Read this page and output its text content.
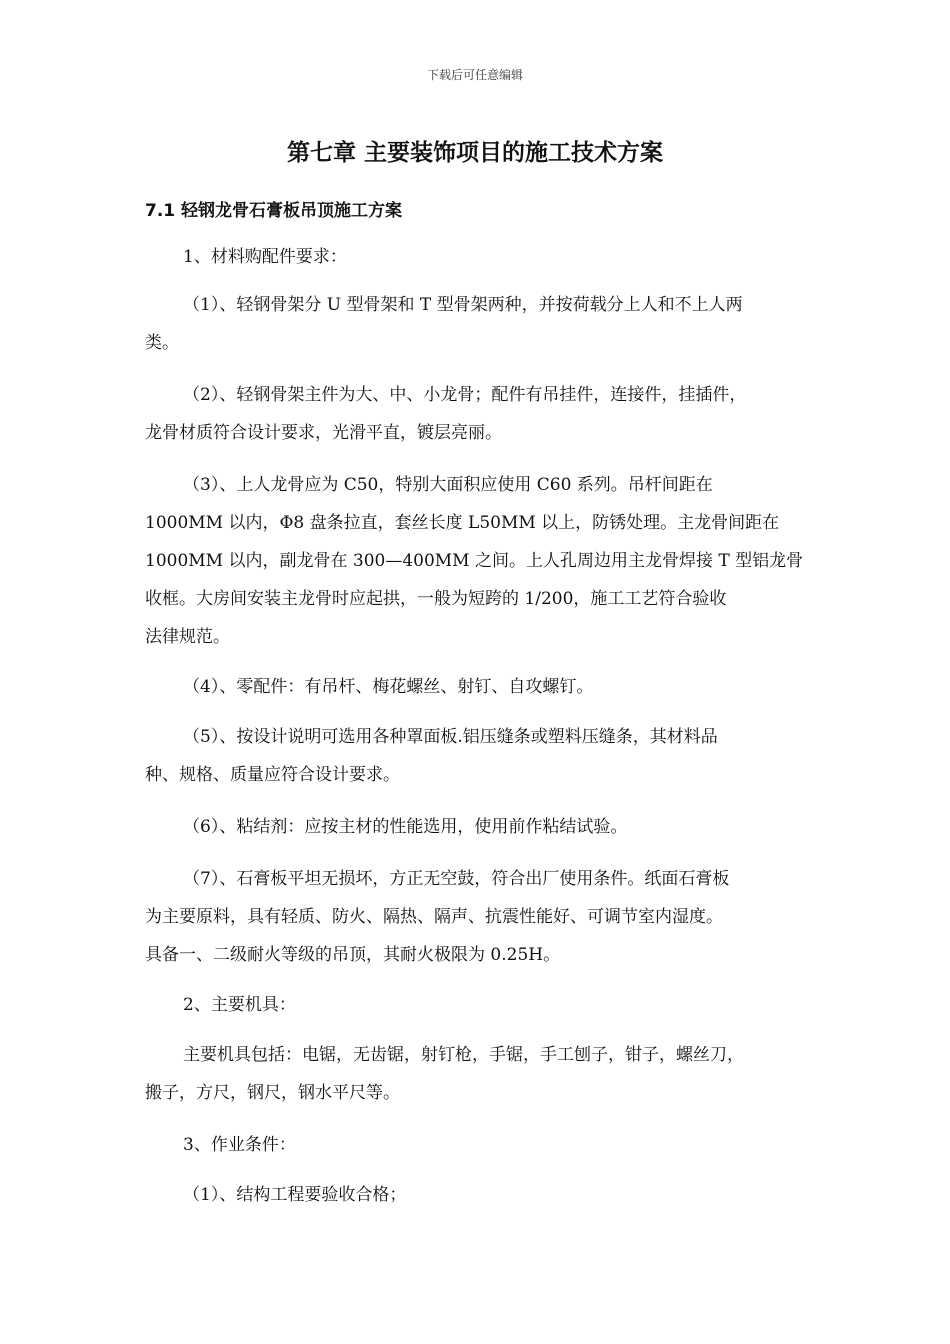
下载后可任意编辑
第七章 主要装饰项目的施工技术方案
7.1 轻钢龙骨石膏板吊顶施工方案
1、材料购配件要求：
（1）、轻钢骨架分 U 型骨架和 T 型骨架两种，并按荷载分上人和不上人两
类。
（2）、轻钢骨架主件为大、中、小龙骨；配件有吊挂件，连接件，挂插件，
龙骨材质符合设计要求，光滑平直，镀层亮丽。
（3）、上人龙骨应为 C50，特别大面积应使用 C60 系列。吊杆间距在
1000MM 以内，Φ8 盘条拉直，套丝长度 L50MM 以上，防锈处理。主龙骨间距在
1000MM 以内，副龙骨在 300—400MM 之间。上人孔周边用主龙骨焊接 T 型铝龙骨
收框。大房间安装主龙骨时应起拱，一般为短跨的 1/200，施工工艺符合验收
法律规范。
（4）、零配件：有吊杆、梅花螺丝、射钉、自攻螺钉。
（5）、按设计说明可选用各种罩面板.铝压缝条或塑料压缝条，其材料品
种、规格、质量应符合设计要求。
（6）、粘结剂：应按主材的性能选用，使用前作粘结试验。
（7）、石膏板平坦无损坏，方正无空鼓，符合出厂使用条件。纸面石膏板
为主要原料，具有轻质、防火、隔热、隔声、抗震性能好、可调节室内湿度。
具备一、二级耐火等级的吊顶，其耐火极限为 0.25H。
2、主要机具：
主要机具包括：电锯，无齿锯，射钉枪，手锯，手工刨子，钳子，螺丝刀，
搬子，方尺，钢尺，钢水平尺等。
3、作业条件：
（1）、结构工程要验收合格；
